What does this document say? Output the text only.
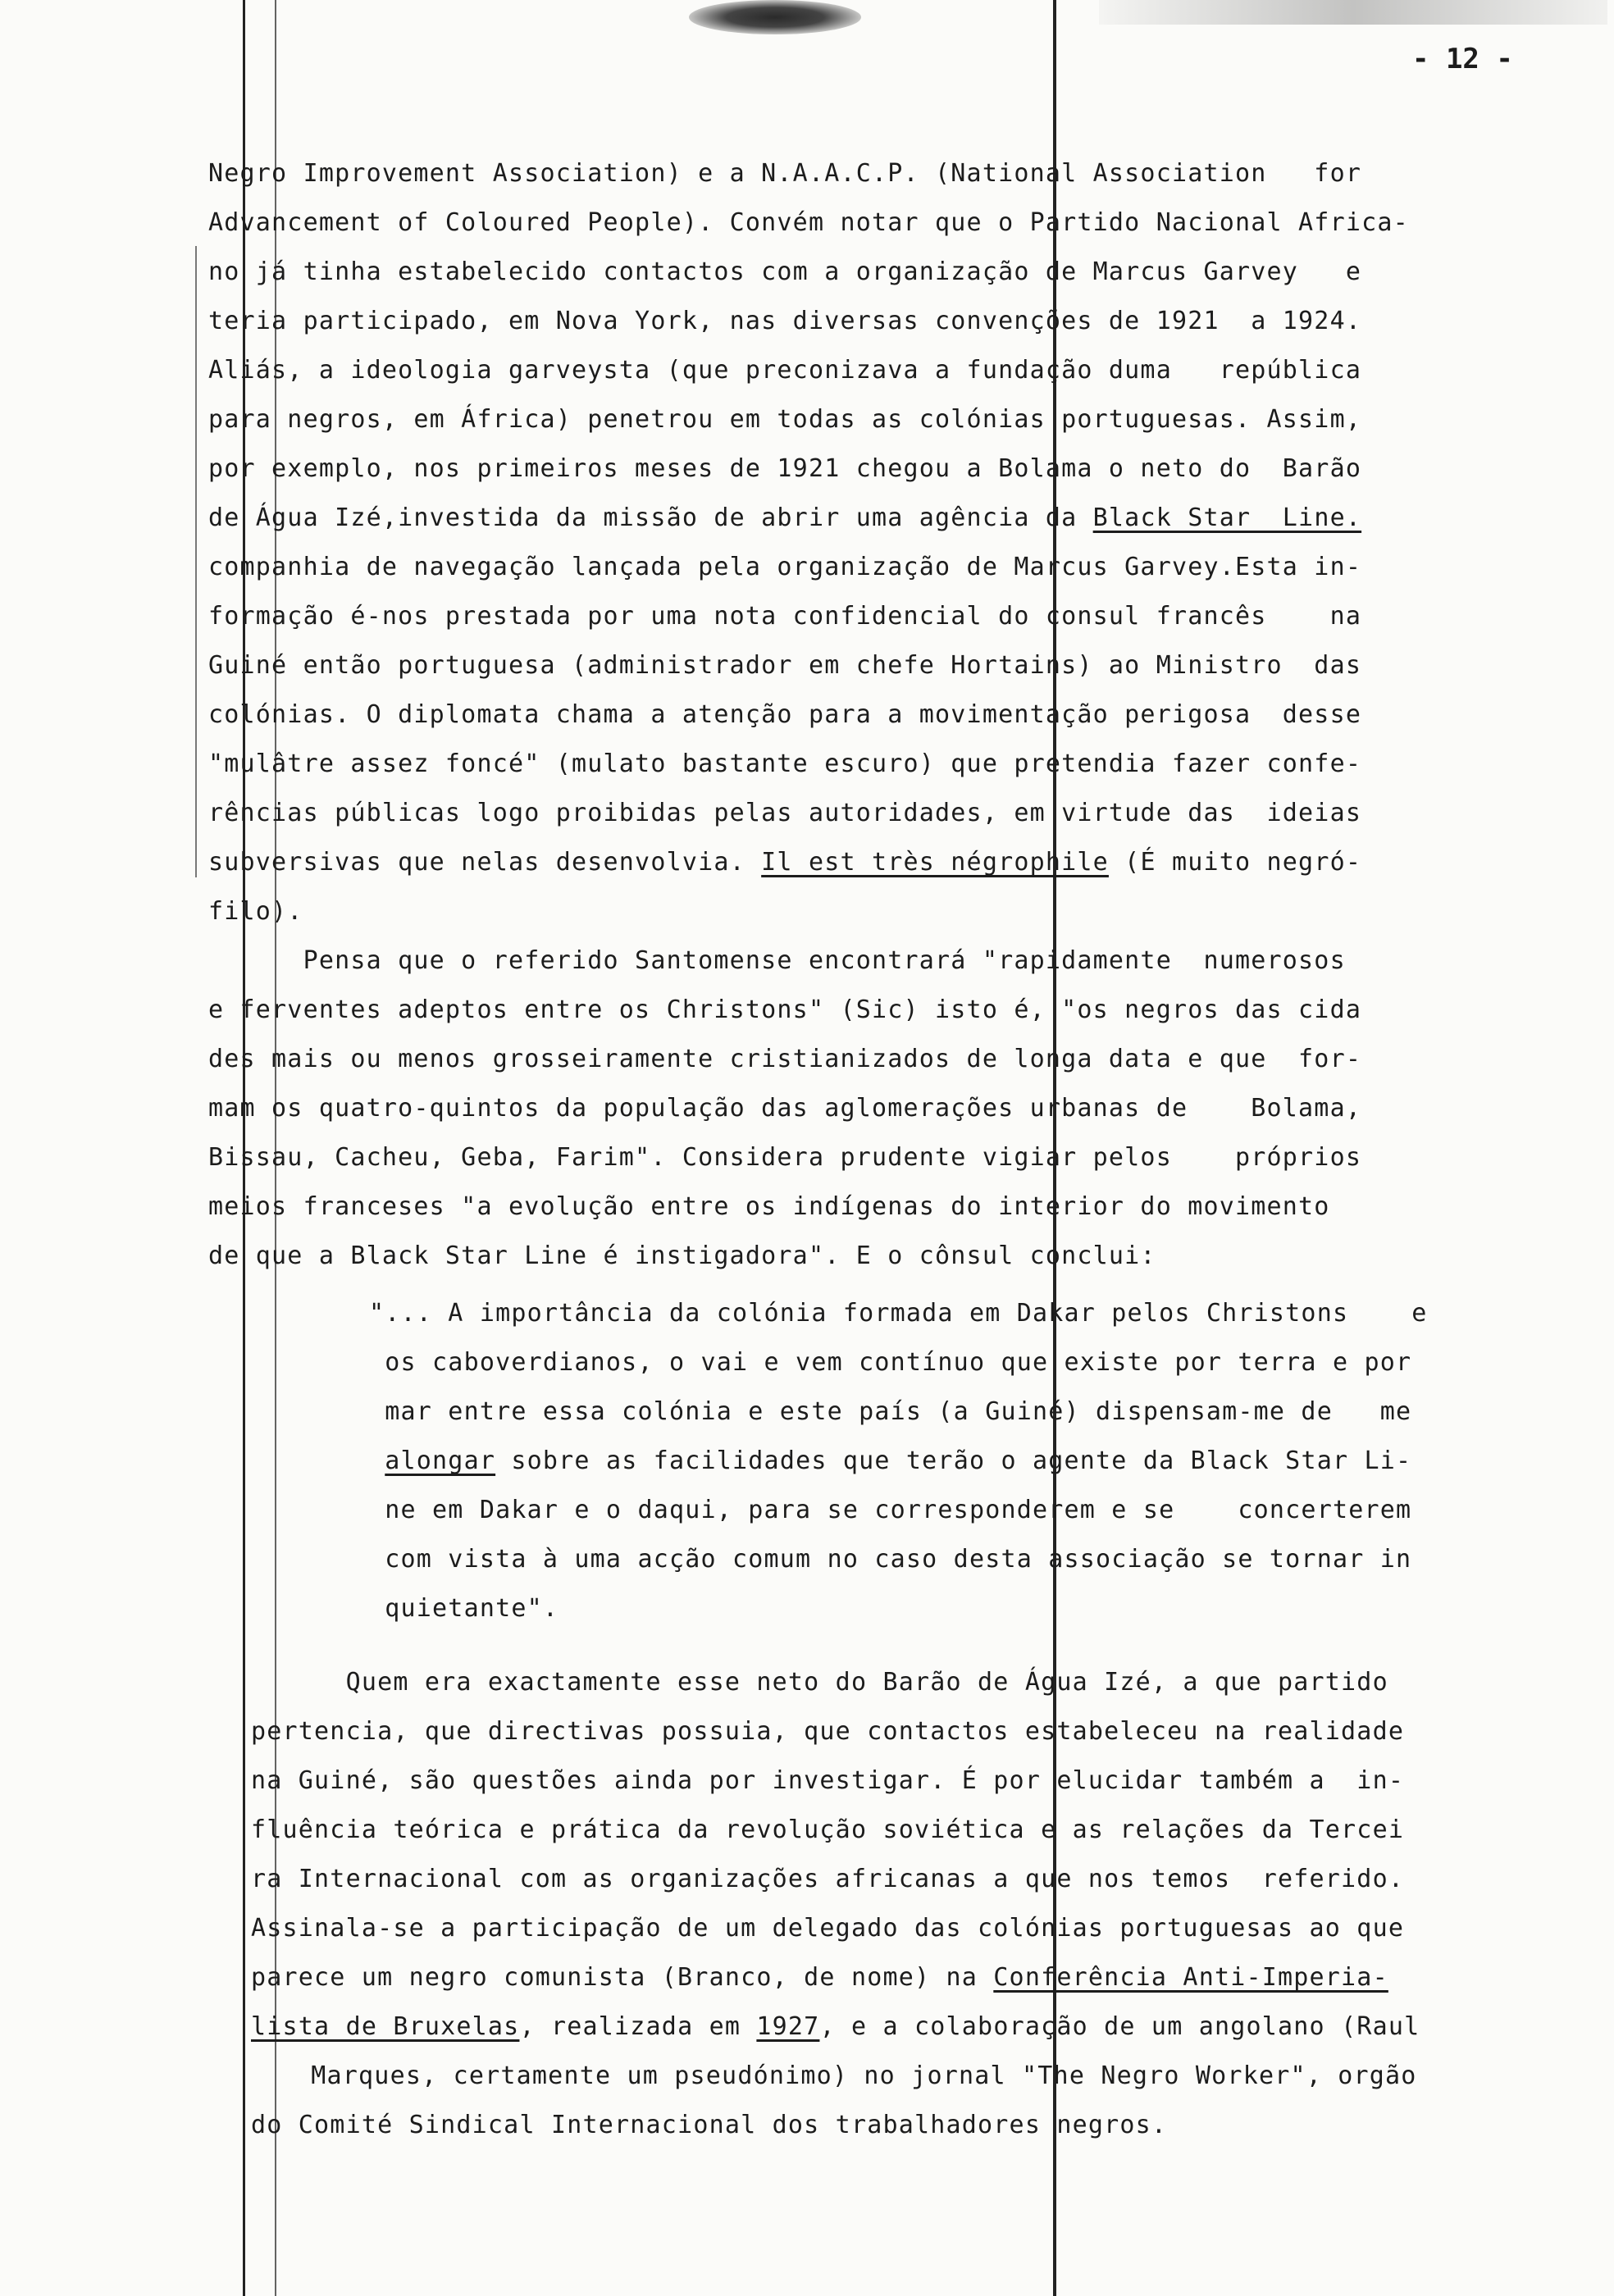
- 12 -
Negro Improvement Association) e a N.A.A.C.P. (National Association   for
Advancement of Coloured People). Convém notar que o Partido Nacional Africa-
no já tinha estabelecido contactos com a organização de Marcus Garvey   e
teria participado, em Nova York, nas diversas convenções de 1921  a 1924.
Aliás, a ideologia garveysta (que preconizava a fundação duma   república
para negros, em África) penetrou em todas as colónias portuguesas. Assim,
por exemplo, nos primeiros meses de 1921 chegou a Bolama o neto do  Barão
de Água Izé,investida da missão de abrir uma agência da Black Star  Line.
companhia de navegação lançada pela organização de Marcus Garvey.Esta in-
formação é-nos prestada por uma nota confidencial do consul francês    na
Guiné então portuguesa (administrador em chefe Hortains) ao Ministro  das
colónias. O diplomata chama a atenção para a movimentação perigosa  desse
"mulâtre assez foncé" (mulato bastante escuro) que pretendia fazer confe-
rências públicas logo proibidas pelas autoridades, em virtude das  ideias
subversivas que nelas desenvolvia. Il est très négrophile (É muito negró-
filo).
Pensa que o referido Santomense encontrará "rapidamente  numerosos
e ferventes adeptos entre os Christons" (Sic) isto é, "os negros das cida
des mais ou menos grosseiramente cristianizados de longa data e que  for-
mam os quatro-quintos da população das aglomerações urbanas de    Bolama,
Bissau, Cacheu, Geba, Farim". Considera prudente vigiar pelos    próprios
meios franceses "a evolução entre os indígenas do interior do movimento
de que a Black Star Line é instigadora". E o cônsul conclui:
"... A importância da colónia formada em Dakar pelos Christons    e
os caboverdianos, o vai e vem contínuo que existe por terra e por
mar entre essa colónia e este país (a Guiné) dispensam-me de   me
alongar sobre as facilidades que terão o agente da Black Star Li-
ne em Dakar e o daqui, para se corresponderem e se    concerterem
com vista à uma acção comum no caso desta associação se tornar in
quietante".
Quem era exactamente esse neto do Barão de Água Izé, a que partido
pertencia, que directivas possuia, que contactos estabeleceu na realidade
na Guiné, são questões ainda por investigar. É por elucidar também a  in-
fluência teórica e prática da revolução soviética e as relações da Tercei
ra Internacional com as organizações africanas a que nos temos  referido.
Assinala-se a participação de um delegado das colónias portuguesas ao que
parece um negro comunista (Branco, de nome) na Conferência Anti-Imperia-
lista de Bruxelas, realizada em 1927, e a colaboração de um angolano (Raul
Marques, certamente um pseudónimo) no jornal "The Negro Worker", orgão
do Comité Sindical Internacional dos trabalhadores negros.
